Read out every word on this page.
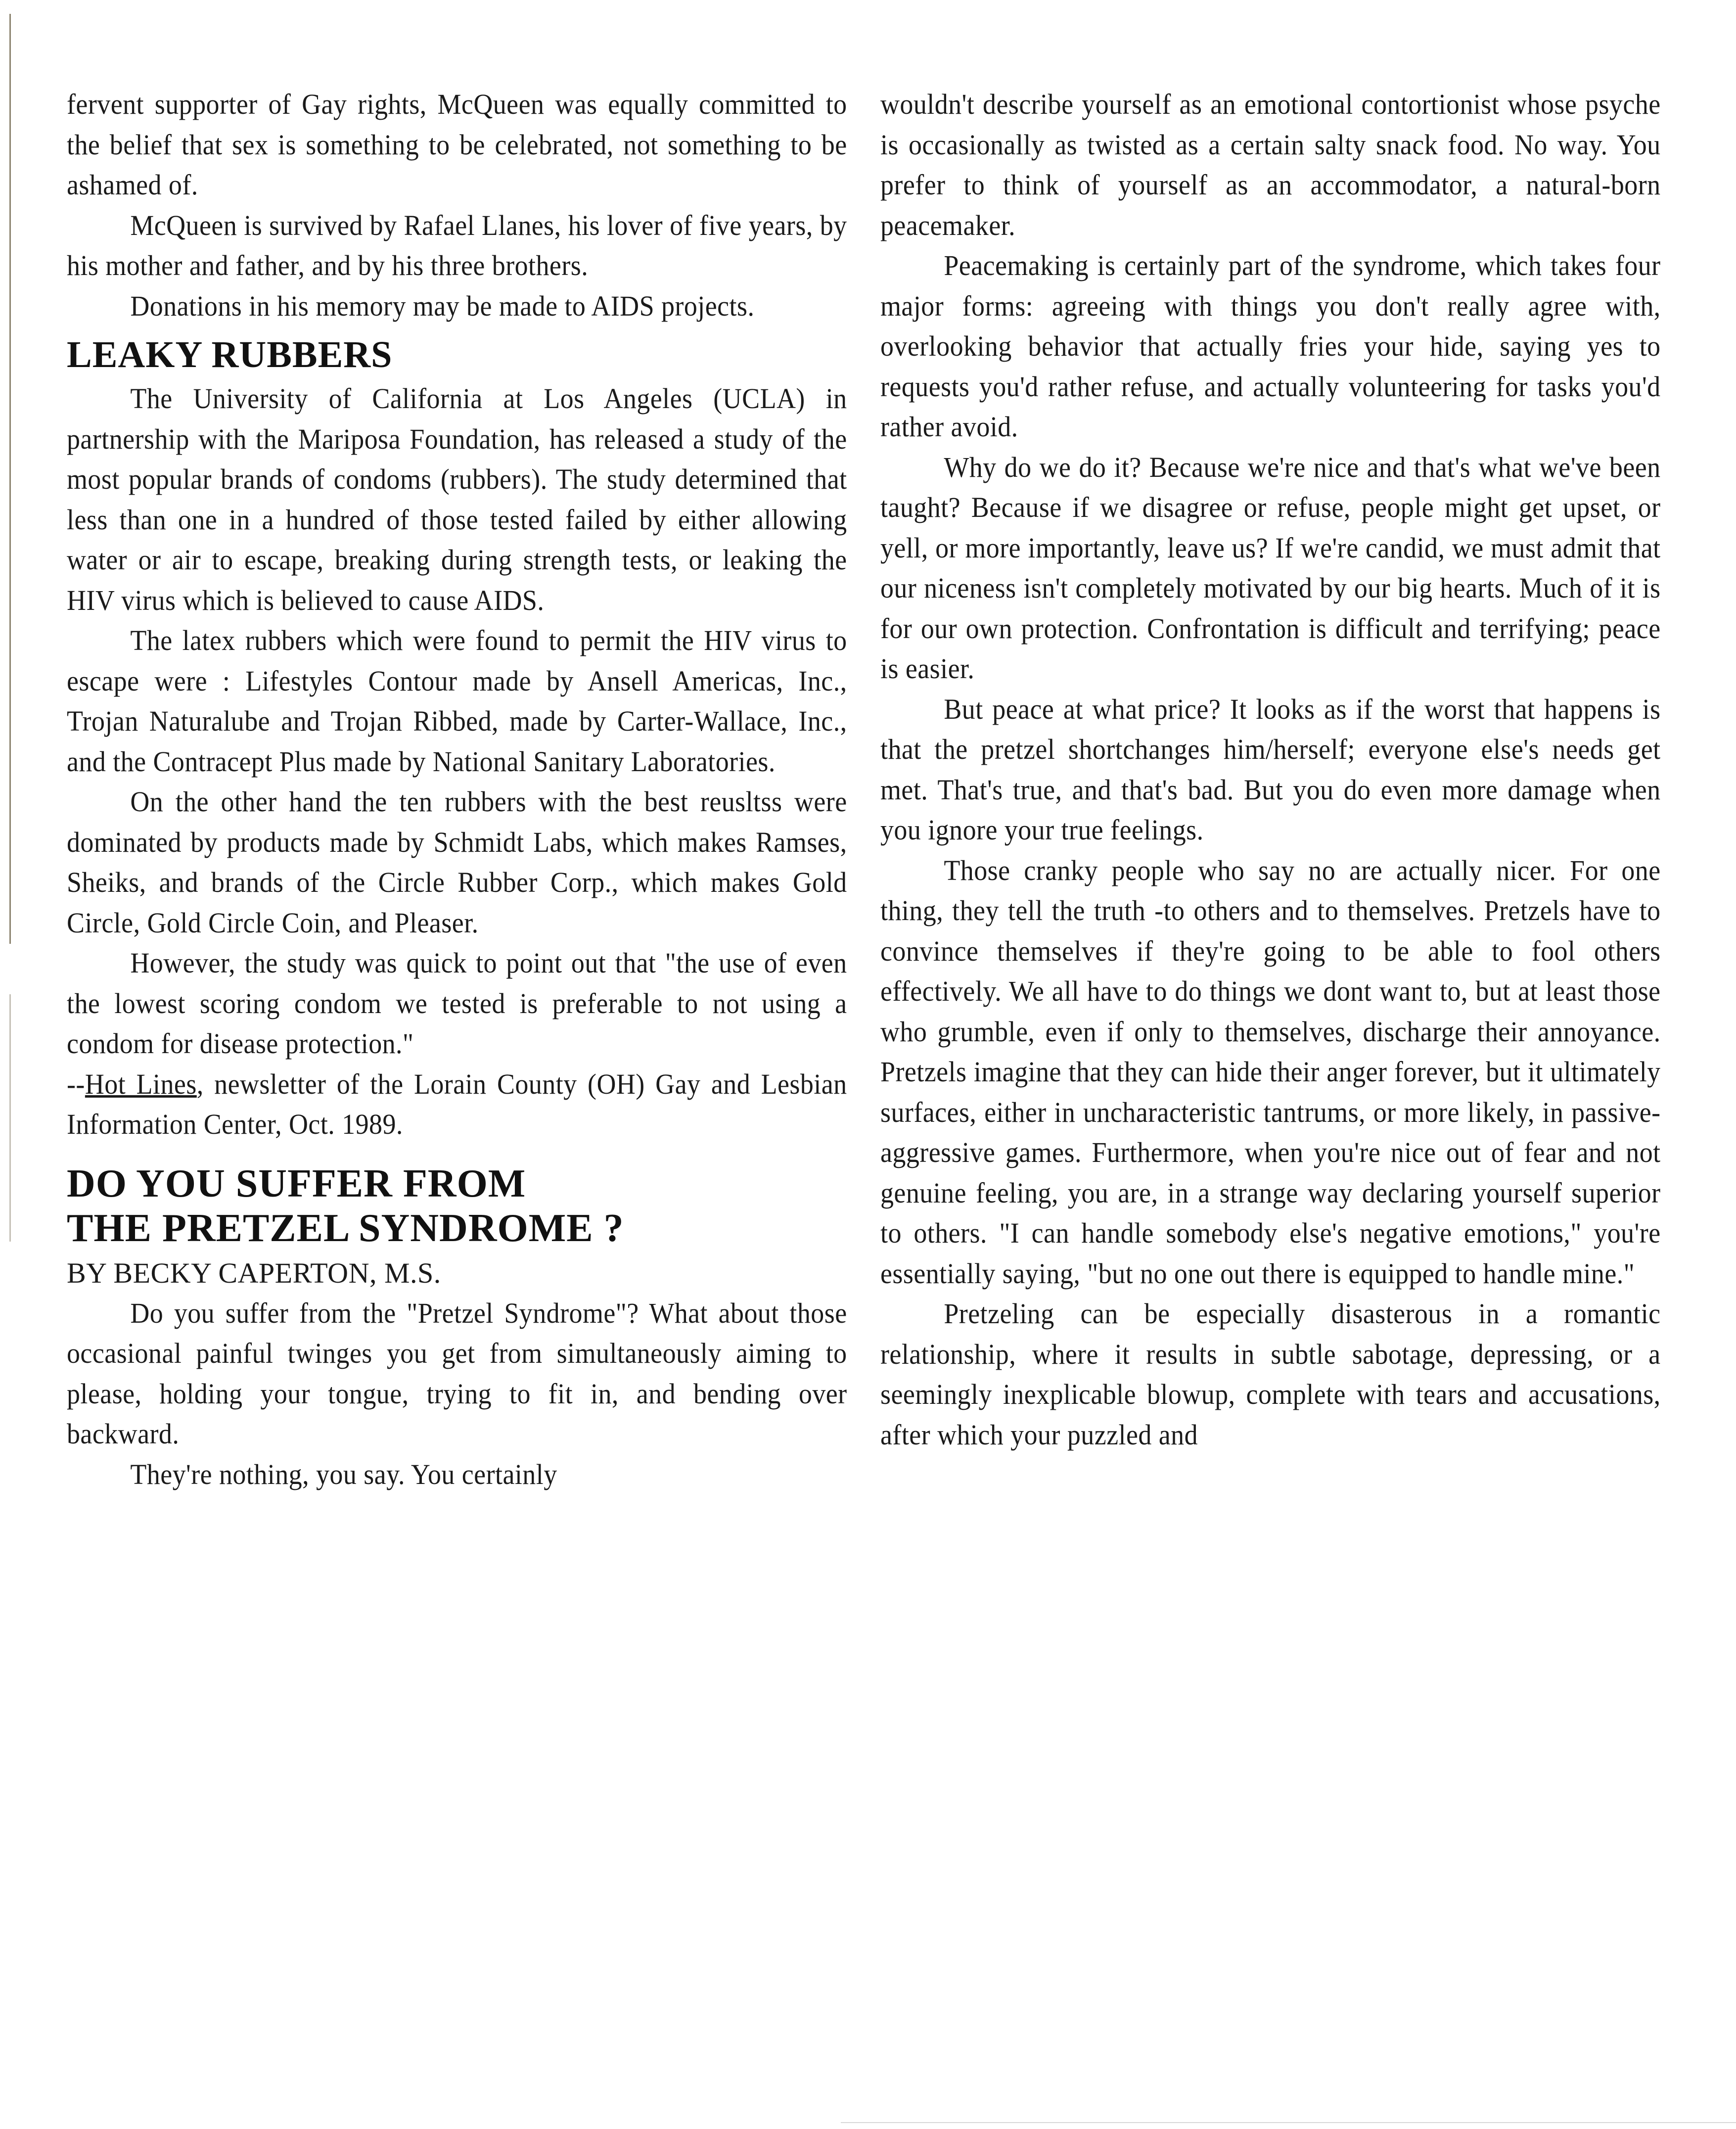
fervent supporter of Gay rights, McQueen was equally committed to the belief that sex is something to be celebrated, not something to be ashamed of.

McQueen is survived by Rafael Llanes, his lover of five years, by his mother and father, and by his three brothers.

Donations in his memory may be made to AIDS projects.

LEAKY RUBBERS

The University of California at Los Angeles (UCLA) in partnership with the Mariposa Foundation, has released a study of the most popular brands of condoms (rubbers). The study determined that less than one in a hundred of those tested failed by either allowing water or air to escape, breaking during strength tests, or leaking the HIV virus which is believed to cause AIDS.

The latex rubbers which were found to permit the HIV virus to escape were : Lifestyles Contour made by Ansell Americas, Inc., Trojan Naturalube and Trojan Ribbed, made by Carter-Wallace, Inc., and the Contracept Plus made by National Sanitary Laboratories.

On the other hand the ten rubbers with the best reusltss were dominated by products made by Schmidt Labs, which makes Ramses, Sheiks, and brands of the Circle Rubber Corp., which makes Gold Circle, Gold Circle Coin, and Pleaser.

However, the study was quick to point out that "the use of even the lowest scoring condom we tested is preferable to not using a condom for disease protection."

--Hot Lines, newsletter of the Lorain County (OH) Gay and Lesbian Information Center, Oct. 1989.

DO YOU SUFFER FROM
THE PRETZEL SYNDROME ?

BY BECKY CAPERTON, M.S.

Do you suffer from the "Pretzel Syndrome"? What about those occasional painful twinges you get from simultaneously aiming to please, holding your tongue, trying to fit in, and bending over backward.

They're nothing, you say. You certainly

wouldn't describe yourself as an emotional contortionist whose psyche is occasionally as twisted as a certain salty snack food. No way. You prefer to think of yourself as an accommodator, a natural-born peacemaker.

Peacemaking is certainly part of the syndrome, which takes four major forms: agreeing with things you don't really agree with, overlooking behavior that actually fries your hide, saying yes to requests you'd rather refuse, and actually volunteering for tasks you'd rather avoid.

Why do we do it? Because we're nice and that's what we've been taught? Because if we disagree or refuse, people might get upset, or yell, or more importantly, leave us? If we're candid, we must admit that our niceness isn't completely motivated by our big hearts. Much of it is for our own protection. Confrontation is difficult and terrifying; peace is easier.

But peace at what price? It looks as if the worst that happens is that the pretzel shortchanges him/herself; everyone else's needs get met. That's true, and that's bad. But you do even more damage when you ignore your true feelings.

Those cranky people who say no are actually nicer. For one thing, they tell the truth -to others and to themselves. Pretzels have to convince themselves if they're going to be able to fool others effectively. We all have to do things we dont want to, but at least those who grumble, even if only to themselves, discharge their annoyance. Pretzels imagine that they can hide their anger forever, but it ultimately surfaces, either in uncharacteristic tantrums, or more likely, in passive-aggressive games. Furthermore, when you're nice out of fear and not genuine feeling, you are, in a strange way declaring yourself superior to others. "I can handle somebody else's negative emotions," you're essentially saying, "but no one out there is equipped to handle mine."

Pretzeling can be especially disasterous in a romantic relationship, where it results in subtle sabotage, depressing, or a seemingly inexplicable blowup, complete with tears and accusations, after which your puzzled and
